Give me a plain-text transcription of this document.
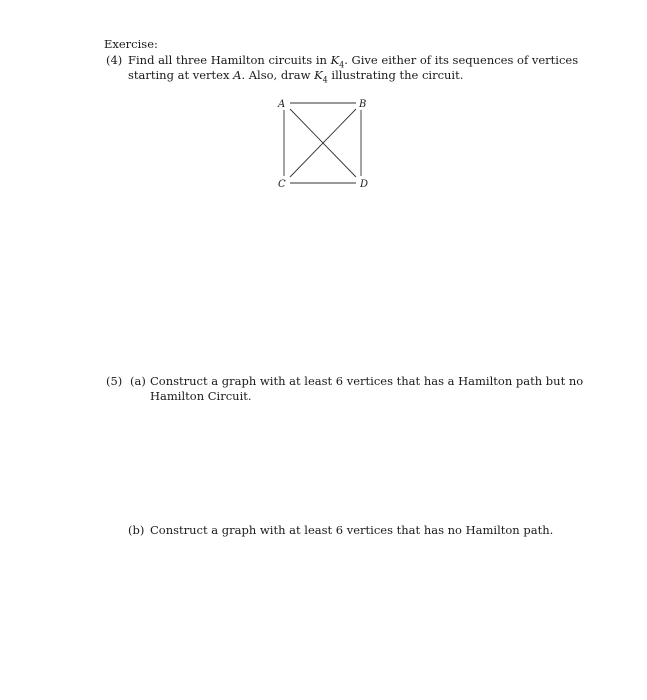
Exercise:
(4) Find all three Hamilton circuits in $K_4$. Give either of its sequences of vertices
starting at vertex A. Also, draw $K_4$ illustrating the circuit.
A	B
C	D
(5) (a) Construct a graph with at least 6 vertices that has a Hamilton path but no
Hamilton Circuit.
(b) Construct a graph with at least 6 vertices that has no Hamilton path.
